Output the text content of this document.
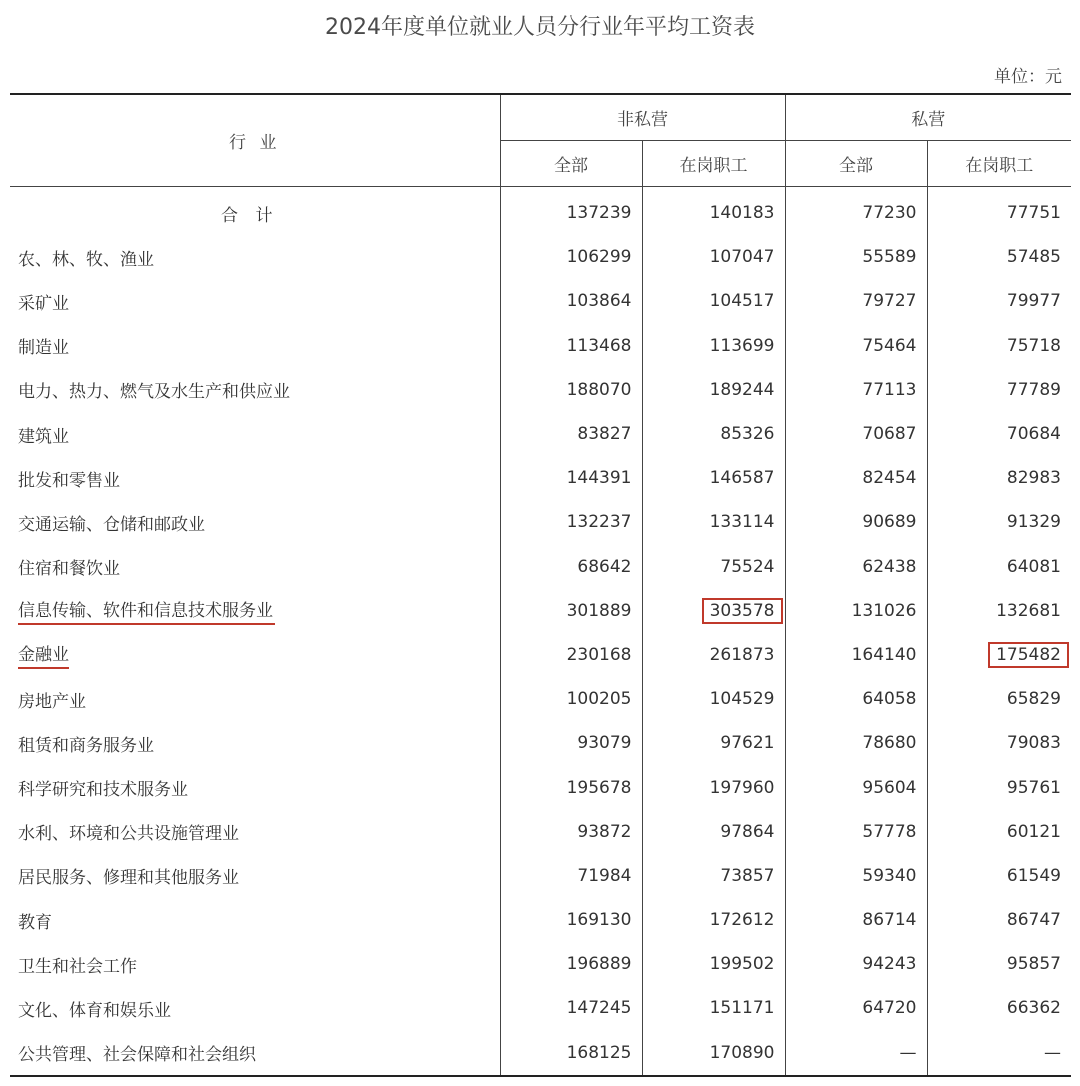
2024年度单位就业人员分行业年平均工资表
单位：元
行 业	非私营		私营	
	全部	在岗职工	全部	在岗职工
合 计	137239	140183	77230	77751
农、林、牧、渔业	106299	107047	55589	57485
采矿业	103864	104517	79727	79977
制造业	113468	113699	75464	75718
电力、热力、燃气及水生产和供应业	188070	189244	77113	77789
建筑业	83827	85326	70687	70684
批发和零售业	144391	146587	82454	82983
交通运输、仓储和邮政业	132237	133114	90689	91329
住宿和餐饮业	68642	75524	62438	64081
信息传输、软件和信息技术服务业	301889	303578	131026	132681
金融业	230168	261873	164140	175482
房地产业	100205	104529	64058	65829
租赁和商务服务业	93079	97621	78680	79083
科学研究和技术服务业	195678	197960	95604	95761
水利、环境和公共设施管理业	93872	97864	57778	60121
居民服务、修理和其他服务业	71984	73857	59340	61549
教育	169130	172612	86714	86747
卫生和社会工作	196889	199502	94243	95857
文化、体育和娱乐业	147245	151171	64720	66362
公共管理、社会保障和社会组织	168125	170890	—	—
